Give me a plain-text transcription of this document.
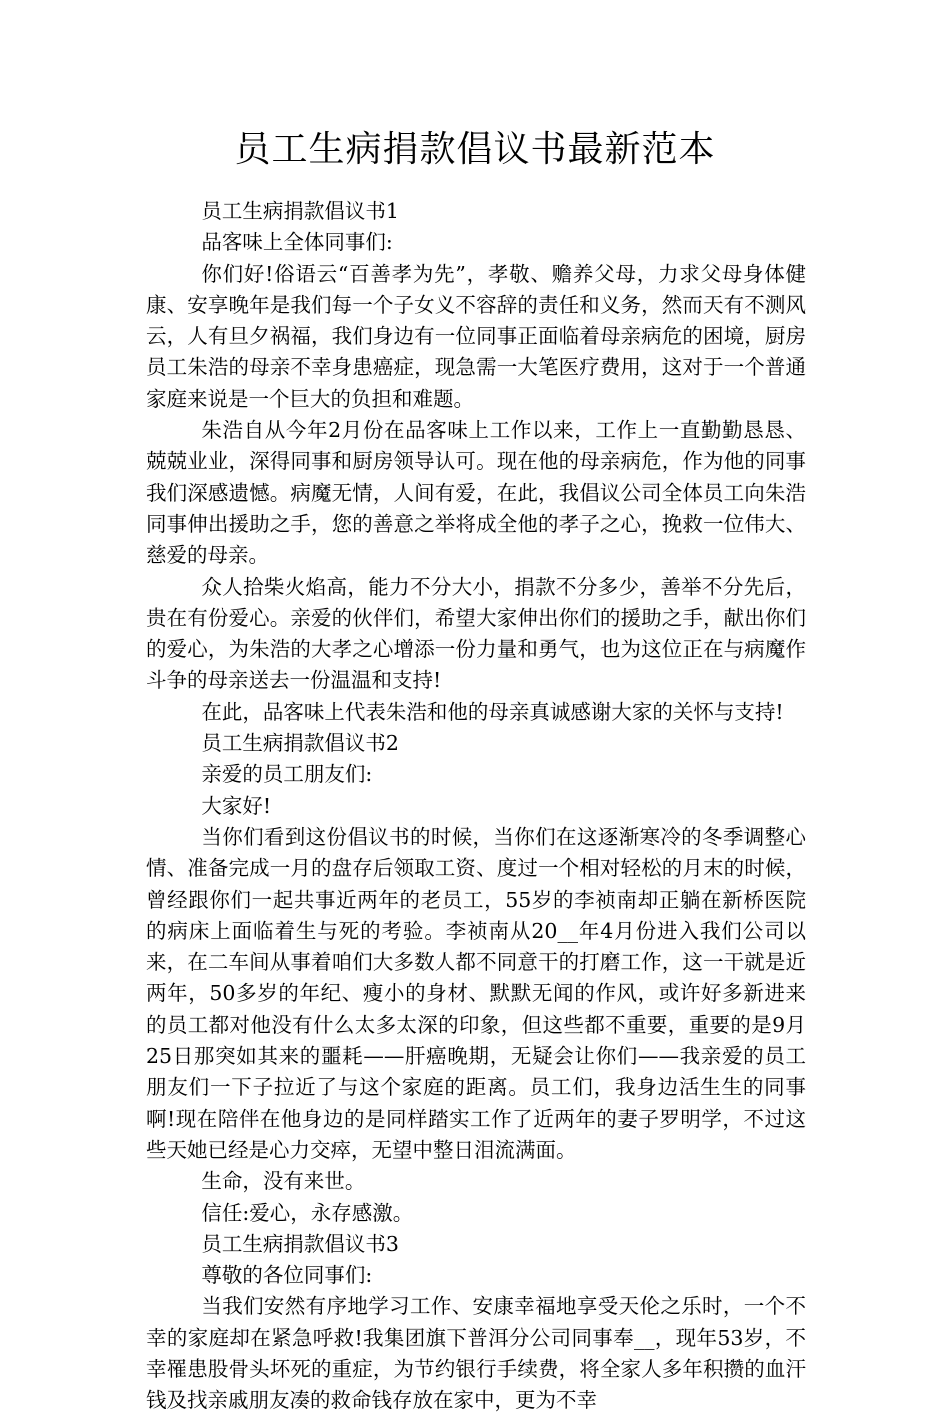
员工生病捐款倡议书最新范本

员工生病捐款倡议书1

品客味上全体同事们:

你们好!俗语云“百善孝为先”，孝敬、赡养父母，力求父母身体健康、安享晚年是我们每一个子女义不容辞的责任和义务，然而天有不测风云，人有旦夕祸福，我们身边有一位同事正面临着母亲病危的困境，厨房员工朱浩的母亲不幸身患癌症，现急需一大笔医疗费用，这对于一个普通家庭来说是一个巨大的负担和难题。

朱浩自从今年2月份在品客味上工作以来，工作上一直勤勤恳恳、兢兢业业，深得同事和厨房领导认可。现在他的母亲病危，作为他的同事我们深感遗憾。病魔无情，人间有爱，在此，我倡议公司全体员工向朱浩同事伸出援助之手，您的善意之举将成全他的孝子之心，挽救一位伟大、慈爱的母亲。

众人拾柴火焰高，能力不分大小，捐款不分多少，善举不分先后，贵在有份爱心。亲爱的伙伴们，希望大家伸出你们的援助之手，献出你们的爱心，为朱浩的大孝之心增添一份力量和勇气，也为这位正在与病魔作斗争的母亲送去一份温温和支持!

在此，品客味上代表朱浩和他的母亲真诚感谢大家的关怀与支持!

员工生病捐款倡议书2

亲爱的员工朋友们:

大家好!

当你们看到这份倡议书的时候，当你们在这逐渐寒冷的冬季调整心情、准备完成一月的盘存后领取工资、度过一个相对轻松的月末的时候，曾经跟你们一起共事近两年的老员工，55岁的李祯南却正躺在新桥医院的病床上面临着生与死的考验。李祯南从20__年4月份进入我们公司以来，在二车间从事着咱们大多数人都不同意干的打磨工作，这一干就是近两年，50多岁的年纪、瘦小的身材、默默无闻的作风，或许好多新进来的员工都对他没有什么太多太深的印象，但这些都不重要，重要的是9月25日那突如其来的噩耗——肝癌晚期，无疑会让你们——我亲爱的员工朋友们一下子拉近了与这个家庭的距离。员工们，我身边活生生的同事啊!现在陪伴在他身边的是同样踏实工作了近两年的妻子罗明学，不过这些天她已经是心力交瘁，无望中整日泪流满面。

生命，没有来世。

信任:爱心，永存感激。

员工生病捐款倡议书3

尊敬的各位同事们:

当我们安然有序地学习工作、安康幸福地享受天伦之乐时，一个不幸的家庭却在紧急呼救!我集团旗下普洱分公司同事奉__，现年53岁，不幸罹患股骨头坏死的重症，为节约银行手续费，将全家人多年积攒的血汗钱及找亲戚朋友凑的救命钱存放在家中，更为不幸
